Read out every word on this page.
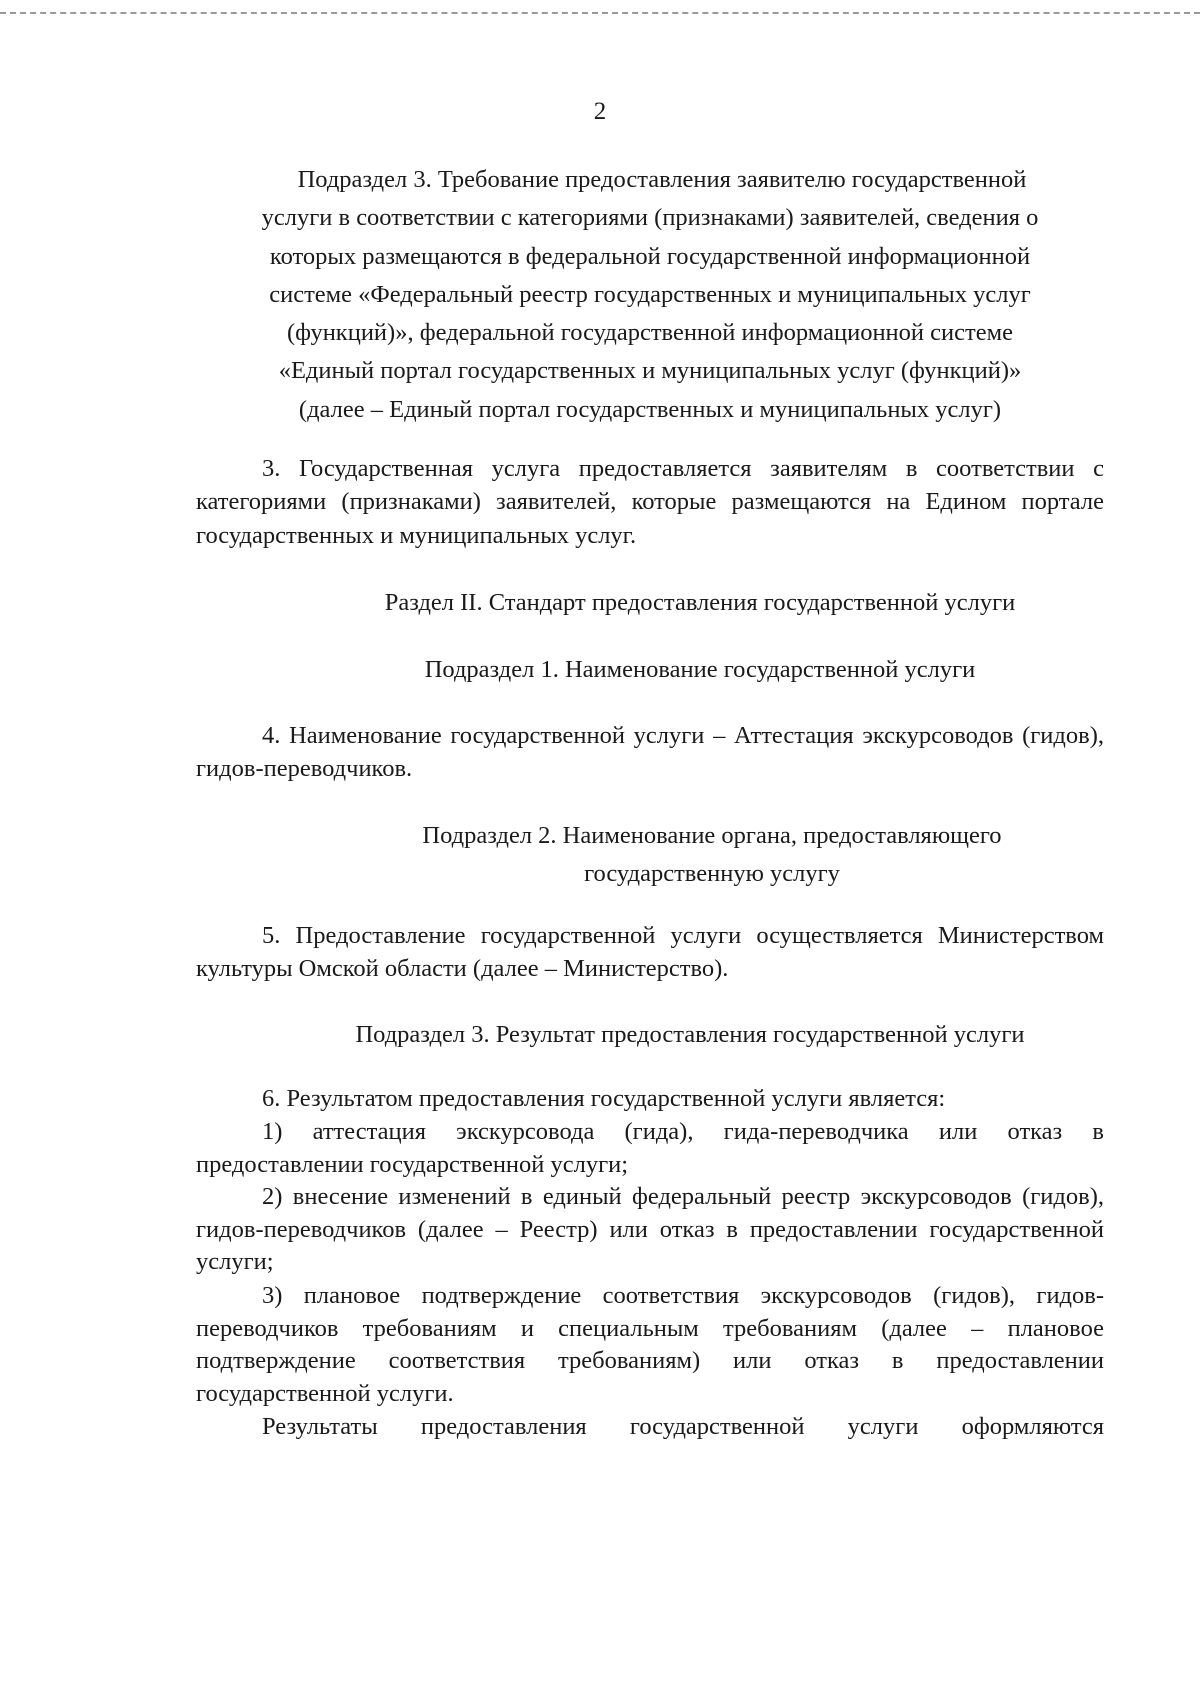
2
Подраздел 3. Требование предоставления заявителю государственной
услуги в соответствии с категориями (признаками) заявителей, сведения о
которых размещаются в федеральной государственной информационной
системе «Федеральный реестр государственных и муниципальных услуг
(функций)», федеральной государственной информационной системе
«Единый портал государственных и муниципальных услуг (функций)»
(далее – Единый портал государственных и муниципальных услуг)
3. Государственная услуга предоставляется заявителям в соответствии с категориями (признаками) заявителей, которые размещаются на Едином портале государственных и муниципальных услуг.
Раздел II. Стандарт предоставления государственной услуги
Подраздел 1. Наименование государственной услуги
4. Наименование государственной услуги – Аттестация экскурсоводов (гидов), гидов-переводчиков.
Подраздел 2. Наименование органа, предоставляющего
государственную услугу
5. Предоставление государственной услуги осуществляется Министерством культуры Омской области (далее – Министерство).
Подраздел 3. Результат предоставления государственной услуги
6. Результатом предоставления государственной услуги является:
1) аттестация экскурсовода (гида), гида-переводчика или отказ в предоставлении государственной услуги;
2) внесение изменений в единый федеральный реестр экскурсоводов (гидов), гидов-переводчиков (далее – Реестр) или отказ в предоставлении государственной услуги;
3) плановое подтверждение соответствия экскурсоводов (гидов), гидов-переводчиков требованиям и специальным требованиям (далее – плановое подтверждение соответствия требованиям) или отказ в предоставлении государственной услуги.
Результаты предоставления государственной услуги оформляются
